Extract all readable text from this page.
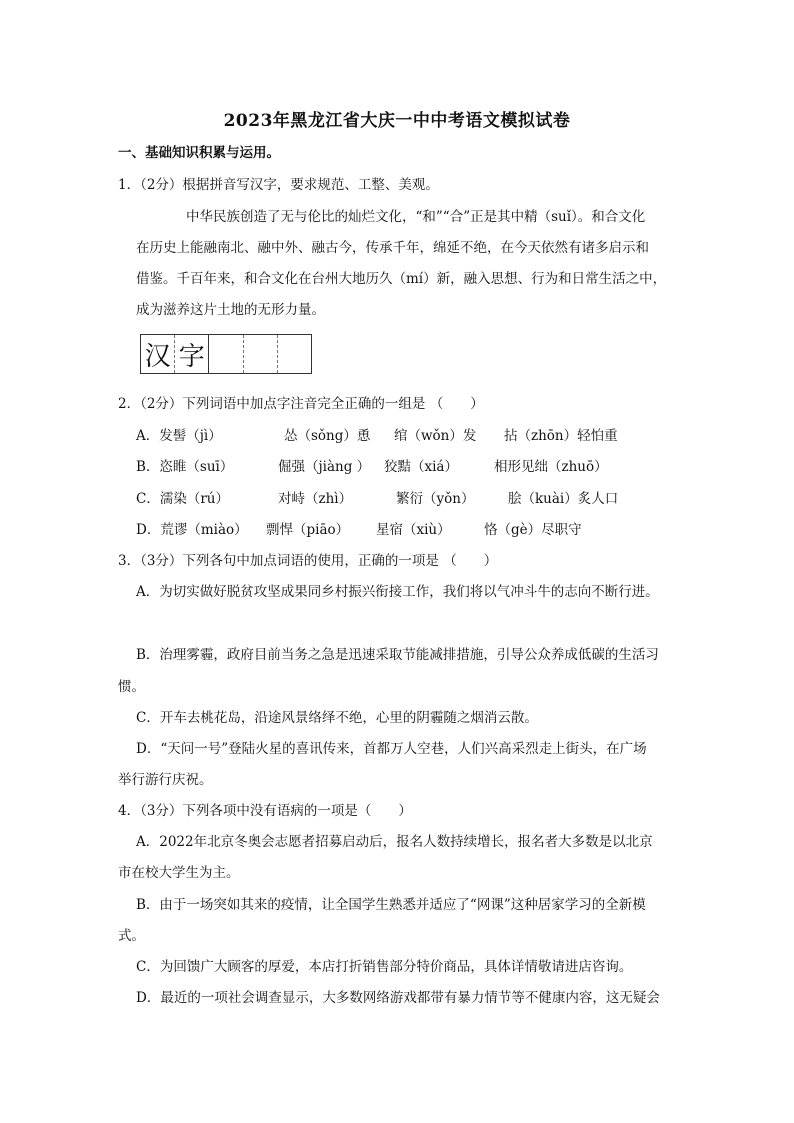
2023年黑龙江省大庆一中中考语文模拟试卷
一、基础知识积累与运用。
1．（2分）根据拼音写汉字，要求规范、工整、美观。
中华民族创造了无与伦比的灿烂文化，“和”“合”正是其中精（suǐ）。和合文化
在历史上能融南北、融中外、融古今，传承千年，绵延不绝，在今天依然有诸多启示和
借鉴。千百年来，和合文化在台州大地历久（mí）新，融入思想、行为和日常生活之中，
成为滋养这片土地的无形力量。
汉 字
2．（2分）下列词语中加点字注音完全正确的一组是 （　　）
A．发髻（jì）	怂（sǒng）恿 绾（wǒn）发 拈（zhōn）轻怕重
B．恣睢（suī）	倔强（jiàng ） 狡黠（xiá）	相形见绌（zhuō）
C．濡染（rú）	对峙（zhì）	繁衍（yǒn） 脍（kuài）炙人口
D．荒谬（miào） 剽悍（piāo） 星宿（xiù） 恪（gè）尽职守
3．（3分）下列各句中加点词语的使用，正确的一项是 （　　）
A．为切实做好脱贫攻坚成果同乡村振兴衔接工作，我们将以气冲斗牛的志向不断行进。
B．治理雾霾，政府目前当务之急是迅速采取节能减排措施，引导公众养成低碳的生活习
惯。
C．开车去桃花岛，沿途风景络绎不绝，心里的阴霾随之烟消云散。
D．“天问一号”登陆火星的喜讯传来，首都万人空巷，人们兴高采烈走上街头，在广场
举行游行庆祝。
4．（3分）下列各项中没有语病的一项是（　　）
A．2022年北京冬奥会志愿者招募启动后，报名人数持续增长，报名者大多数是以北京
市在校大学生为主。
B．由于一场突如其来的疫情，让全国学生熟悉并适应了“网课”这种居家学习的全新模
式。
C．为回馈广大顾客的厚爱，本店打折销售部分特价商品，具体详情敬请进店咨询。
D．最近的一项社会调查显示，大多数网络游戏都带有暴力情节等不健康内容，这无疑会
